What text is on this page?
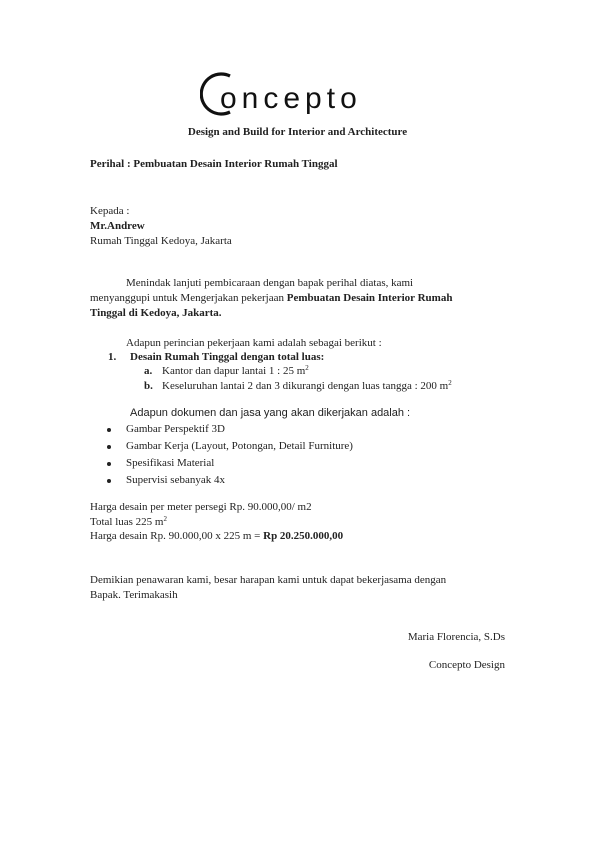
oncepto
Design and Build for Interior and Architecture
Perihal : Pembuatan Desain Interior Rumah Tinggal
Kepada :
Mr.Andrew
Rumah Tinggal Kedoya, Jakarta
Menindak lanjuti pembicaraan dengan bapak perihal diatas, kami
menyanggupi untuk Mengerjakan pekerjaan Pembuatan Desain Interior Rumah
Tinggal di Kedoya, Jakarta.
Adapun perincian pekerjaan kami adalah sebagai berikut :
1. Desain Rumah Tinggal dengan total luas:
a. Kantor dan dapur lantai 1 : 25 $m^2$
b. Keseluruhan lantai 2 dan 3 dikurangi dengan luas tangga : 200 $m^2$
Adapun dokumen dan jasa yang akan dikerjakan adalah :
Gambar Perspektif 3D
Gambar Kerja (Layout, Potongan, Detail Furniture)
Spesifikasi Material
Supervisi sebanyak 4x
Harga desain per meter persegi Rp. 90.000,00/ m2
Total luas 225 $m^2$
Harga desain Rp. 90.000,00 x 225 m = Rp 20.250.000,00
Demikian penawaran kami, besar harapan kami untuk dapat bekerjasama dengan
Bapak. Terimakasih
Maria Florencia, S.Ds
Concepto Design
